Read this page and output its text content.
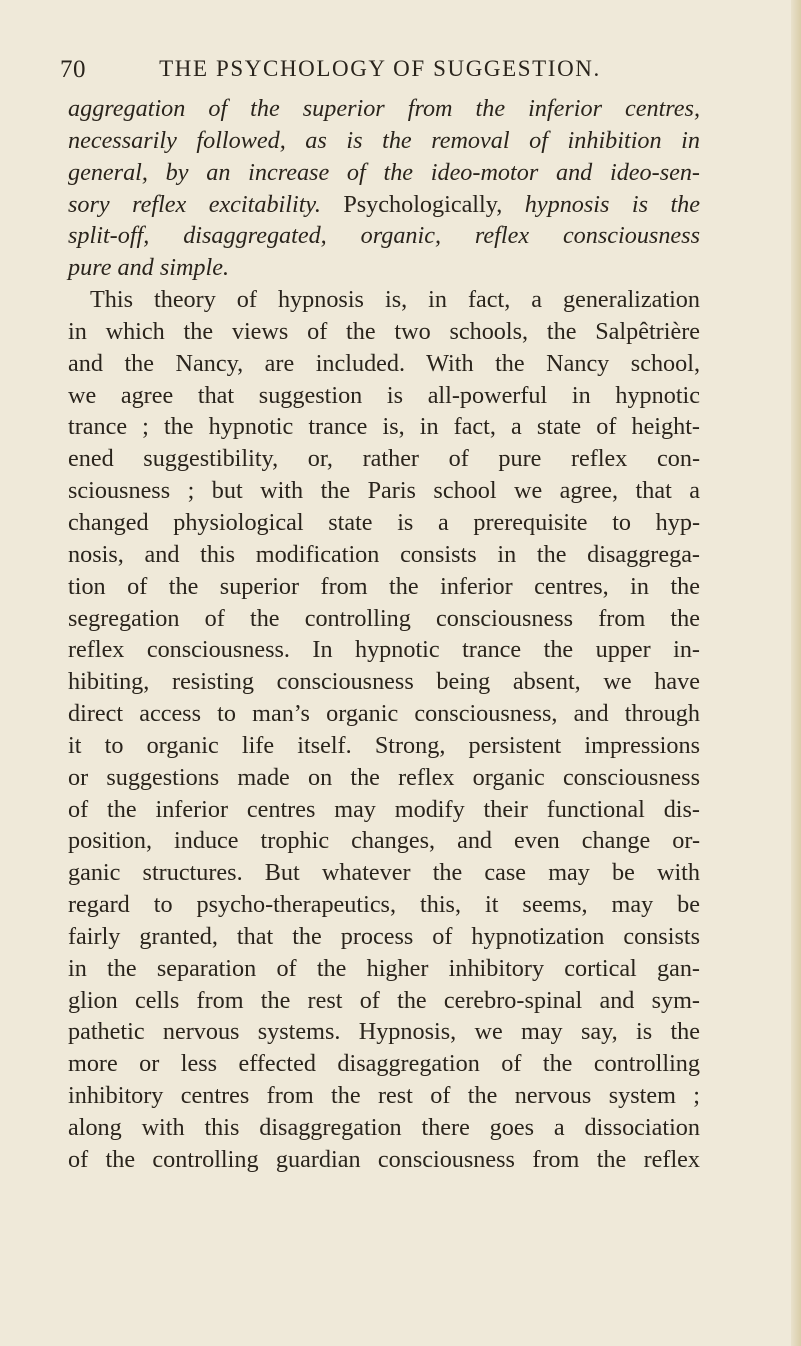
70	THE PSYCHOLOGY OF SUGGESTION.
aggregation of the superior from the inferior centres,
necessarily followed, as is the removal of inhibition in
general, by an increase of the ideo-motor and ideo-sen-
sory reflex excitability. Psychologically, hypnosis is the
split-off, disaggregated, organic, reflex consciousness
pure and simple.
This theory of hypnosis is, in fact, a generalization
in which the views of the two schools, the Salpêtrière
and the Nancy, are included. With the Nancy school,
we agree that suggestion is all-powerful in hypnotic
trance ; the hypnotic trance is, in fact, a state of height-
ened suggestibility, or, rather of pure reflex con-
sciousness ; but with the Paris school we agree, that a
changed physiological state is a prerequisite to hyp-
nosis, and this modification consists in the disaggrega-
tion of the superior from the inferior centres, in the
segregation of the controlling consciousness from the
reflex consciousness. In hypnotic trance the upper in-
hibiting, resisting consciousness being absent, we have
direct access to man’s organic consciousness, and through
it to organic life itself. Strong, persistent impressions
or suggestions made on the reflex organic consciousness
of the inferior centres may modify their functional dis-
position, induce trophic changes, and even change or-
ganic structures. But whatever the case may be with
regard to psycho-therapeutics, this, it seems, may be
fairly granted, that the process of hypnotization consists
in the separation of the higher inhibitory cortical gan-
glion cells from the rest of the cerebro-spinal and sym-
pathetic nervous systems. Hypnosis, we may say, is the
more or less effected disaggregation of the controlling
inhibitory centres from the rest of the nervous system ;
along with this disaggregation there goes a dissociation
of the controlling guardian consciousness from the reflex
